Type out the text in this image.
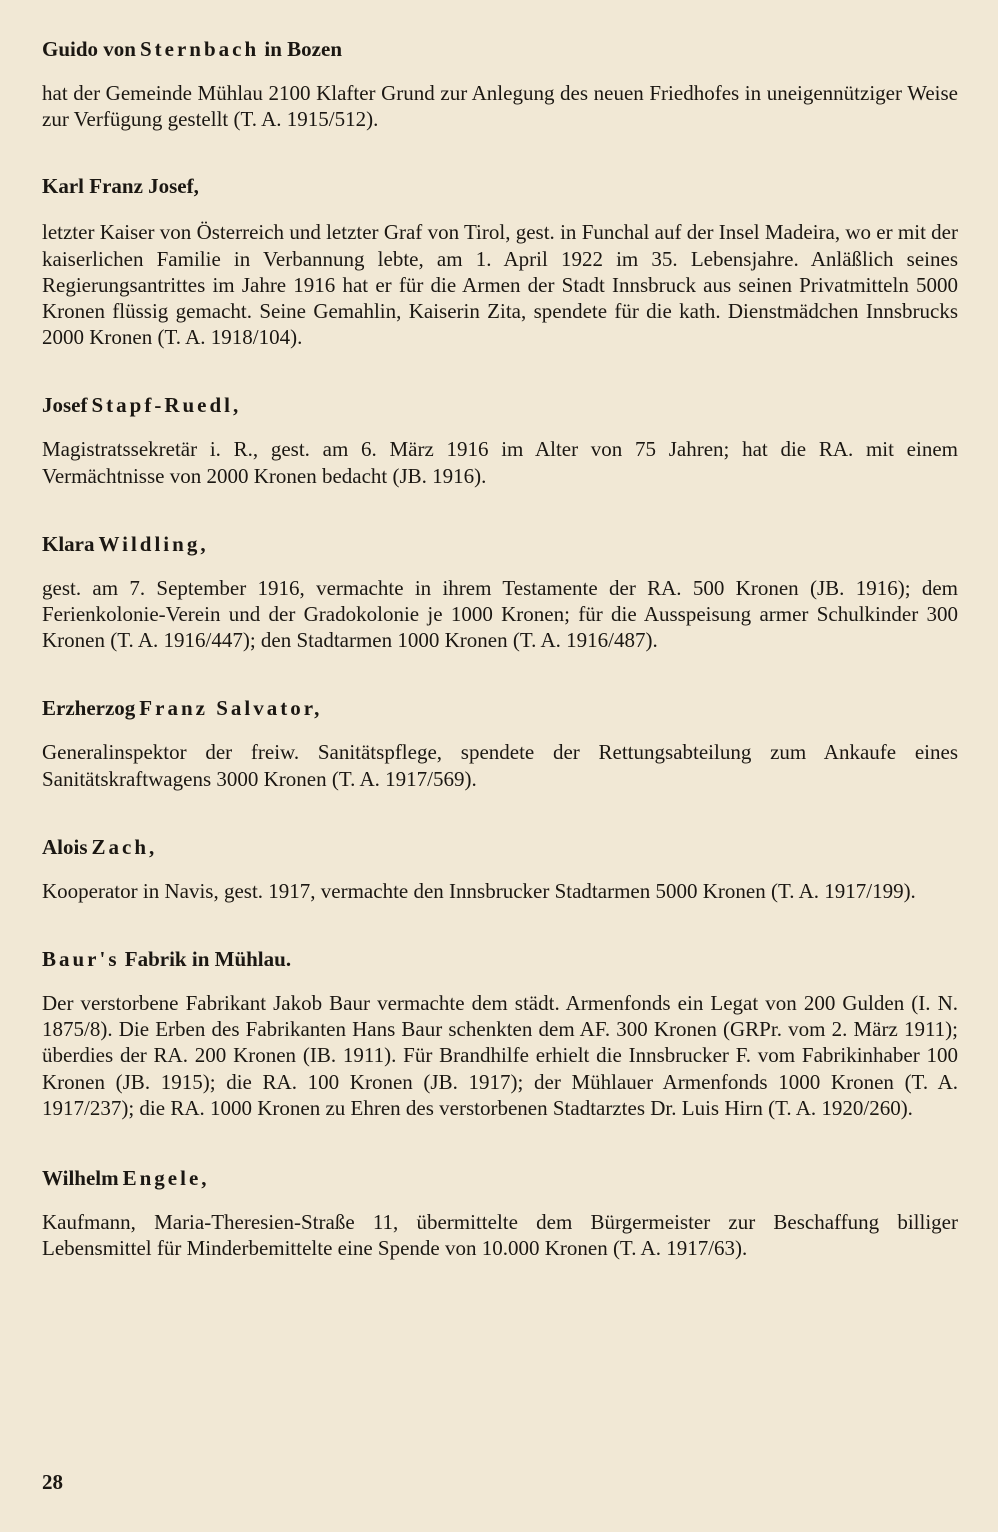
Guido von Sternbach in Bozen
hat der Gemeinde Mühlau 2100 Klafter Grund zur Anlegung des neuen Friedhofes in uneigennütziger Weise zur Verfügung gestellt (T. A. 1915/512).
Karl Franz Josef,
letzter Kaiser von Österreich und letzter Graf von Tirol, gest. in Funchal auf der Insel Madeira, wo er mit der kaiserlichen Familie in Verbannung lebte, am 1. April 1922 im 35. Lebensjahre. Anläßlich seines Regierungsantrittes im Jahre 1916 hat er für die Armen der Stadt Innsbruck aus seinen Privatmitteln 5000 Kronen flüssig gemacht. Seine Gemahlin, Kaiserin Zita, spendete für die kath. Dienstmädchen Innsbrucks 2000 Kronen (T. A. 1918/104).
Josef Stapf-Ruedl,
Magistratssekretär i. R., gest. am 6. März 1916 im Alter von 75 Jahren; hat die RA. mit einem Vermächtnisse von 2000 Kronen bedacht (JB. 1916).
Klara Wildling,
gest. am 7. September 1916, vermachte in ihrem Testamente der RA. 500 Kronen (JB. 1916); dem Ferienkolonie-Verein und der Gradokolonie je 1000 Kronen; für die Ausspeisung armer Schulkinder 300 Kronen (T. A. 1916/447); den Stadtarmen 1000 Kronen (T. A. 1916/487).
Erzherzog Franz Salvator,
Generalinspektor der freiw. Sanitätspflege, spendete der Rettungsabteilung zum Ankaufe eines Sanitätskraftwagens 3000 Kronen (T. A. 1917/569).
Alois Zach,
Kooperator in Navis, gest. 1917, vermachte den Innsbrucker Stadtarmen 5000 Kronen (T. A. 1917/199).
Baur's Fabrik in Mühlau.
Der verstorbene Fabrikant Jakob Baur vermachte dem städt. Armenfonds ein Legat von 200 Gulden (I. N. 1875/8). Die Erben des Fabrikanten Hans Baur schenkten dem AF. 300 Kronen (GRPr. vom 2. März 1911); überdies der RA. 200 Kronen (IB. 1911). Für Brandhilfe erhielt die Innsbrucker F. vom Fabrikinhaber 100 Kronen (JB. 1915); die RA. 100 Kronen (JB. 1917); der Mühlauer Armenfonds 1000 Kronen (T. A. 1917/237); die RA. 1000 Kronen zu Ehren des verstorbenen Stadtarztes Dr. Luis Hirn (T. A. 1920/260).
Wilhelm Engele,
Kaufmann, Maria-Theresien-Straße 11, übermittelte dem Bürgermeister zur Beschaffung billiger Lebensmittel für Minderbemittelte eine Spende von 10.000 Kronen (T. A. 1917/63).
28
